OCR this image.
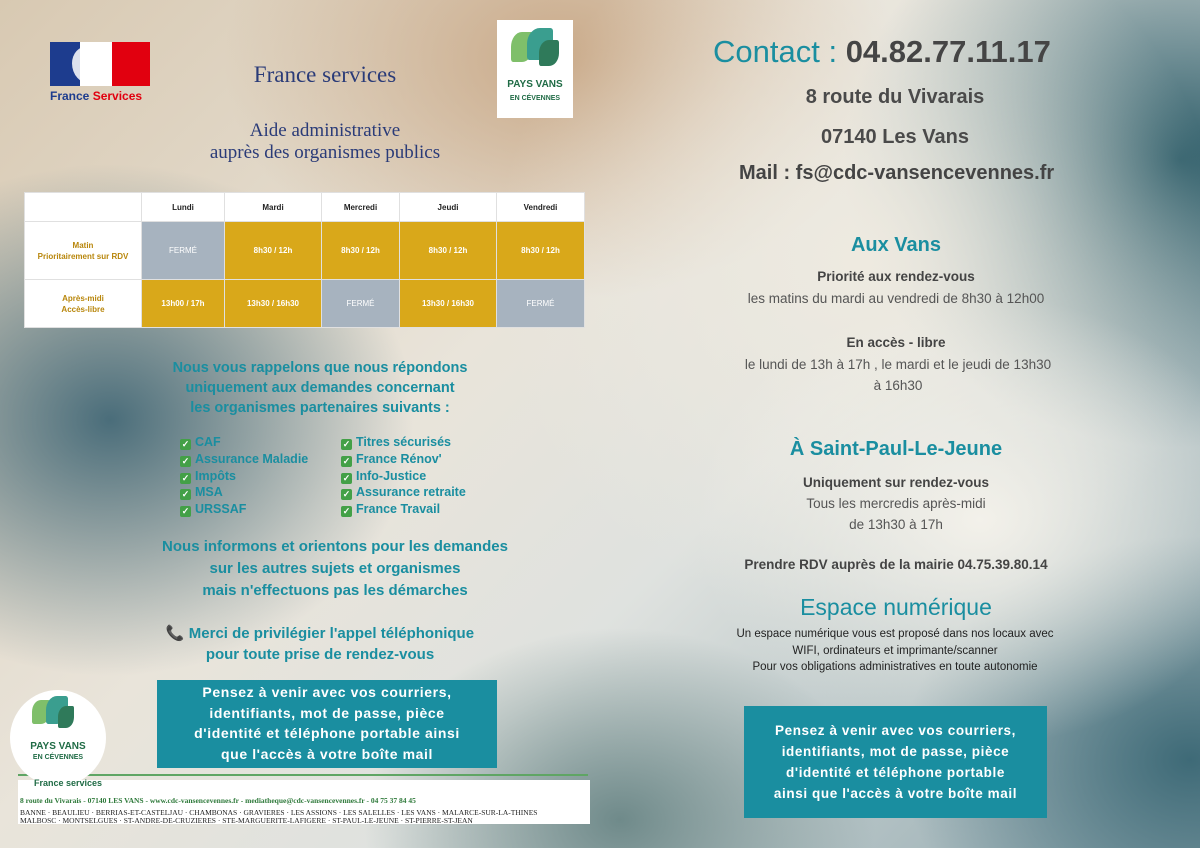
France Services
PAYS VANS
EN CÉVENNES
France services
Aide administrative
auprès des organismes publics
	Lundi	Mardi	Mercredi	Jeudi	Vendredi

Matin
Prioritairement sur RDV	FERMÉ	8h30 / 12h	8h30 / 12h	8h30 / 12h	8h30 / 12h

Après-midi
Accès-libre	13h00 / 17h	13h30 / 16h30	FERMÉ	13h30 / 16h30	FERMÉ
Nous vous rappelons que nous répondons
uniquement aux demandes concernant
les organismes partenaires suivants :
✓ CAF
✓ Assurance Maladie
✓ Impôts
✓ MSA
✓ URSSAF
✓ Titres sécurisés
✓ France Rénov'
✓ Info-Justice
✓ Assurance retraite
✓ France Travail
Nous informons et orientons pour les demandes
sur les autres sujets et organismes
mais n'effectuons pas les démarches
📞 Merci de privilégier l'appel téléphonique
pour toute prise de rendez-vous
PAYS VANS
EN CÉVENNES
France services
8 route du Vivarais - 07140 LES VANS - www.cdc-vansencevennes.fr - mediatheque@cdc-vansencevennes.fr - 04 75 37 84 45
BANNE · BEAULIEU · BERRIAS-ET-CASTELJAU · CHAMBONAS · GRAVIERES · LES ASSIONS · LES SALELLES · LES VANS · MALARCE-SUR-LA-THINES
MALBOSC · MONTSELGUES · ST-ANDRE-DE-CRUZIERES · STE-MARGUERITE-LAFIGERE · ST-PAUL-LE-JEUNE · ST-PIERRE-ST-JEAN
Pensez à venir avec vos courriers,
identifiants, mot de passe, pièce
d'identité et téléphone portable ainsi
que l'accès à votre boîte mail
Contact : 04.82.77.11.17
8 route du Vivarais
07140 Les Vans
Mail : fs@cdc-vansencevennes.fr
Aux Vans
Priorité aux rendez-vous
les matins du mardi au vendredi de 8h30 à 12h00
En accès - libre
le lundi de 13h à 17h , le mardi et le jeudi de 13h30
à 16h30
À Saint-Paul-Le-Jeune
Uniquement sur rendez-vous
Tous les mercredis après-midi
de 13h30 à 17h
Prendre RDV auprès de la mairie 04.75.39.80.14
Espace numérique
Un espace numérique vous est proposé dans nos locaux avec
WIFI, ordinateurs et imprimante/scanner
Pour vos obligations administratives en toute autonomie
Pensez à venir avec vos courriers,
identifiants, mot de passe, pièce
d'identité et téléphone portable
ainsi que l'accès à votre boîte mail
